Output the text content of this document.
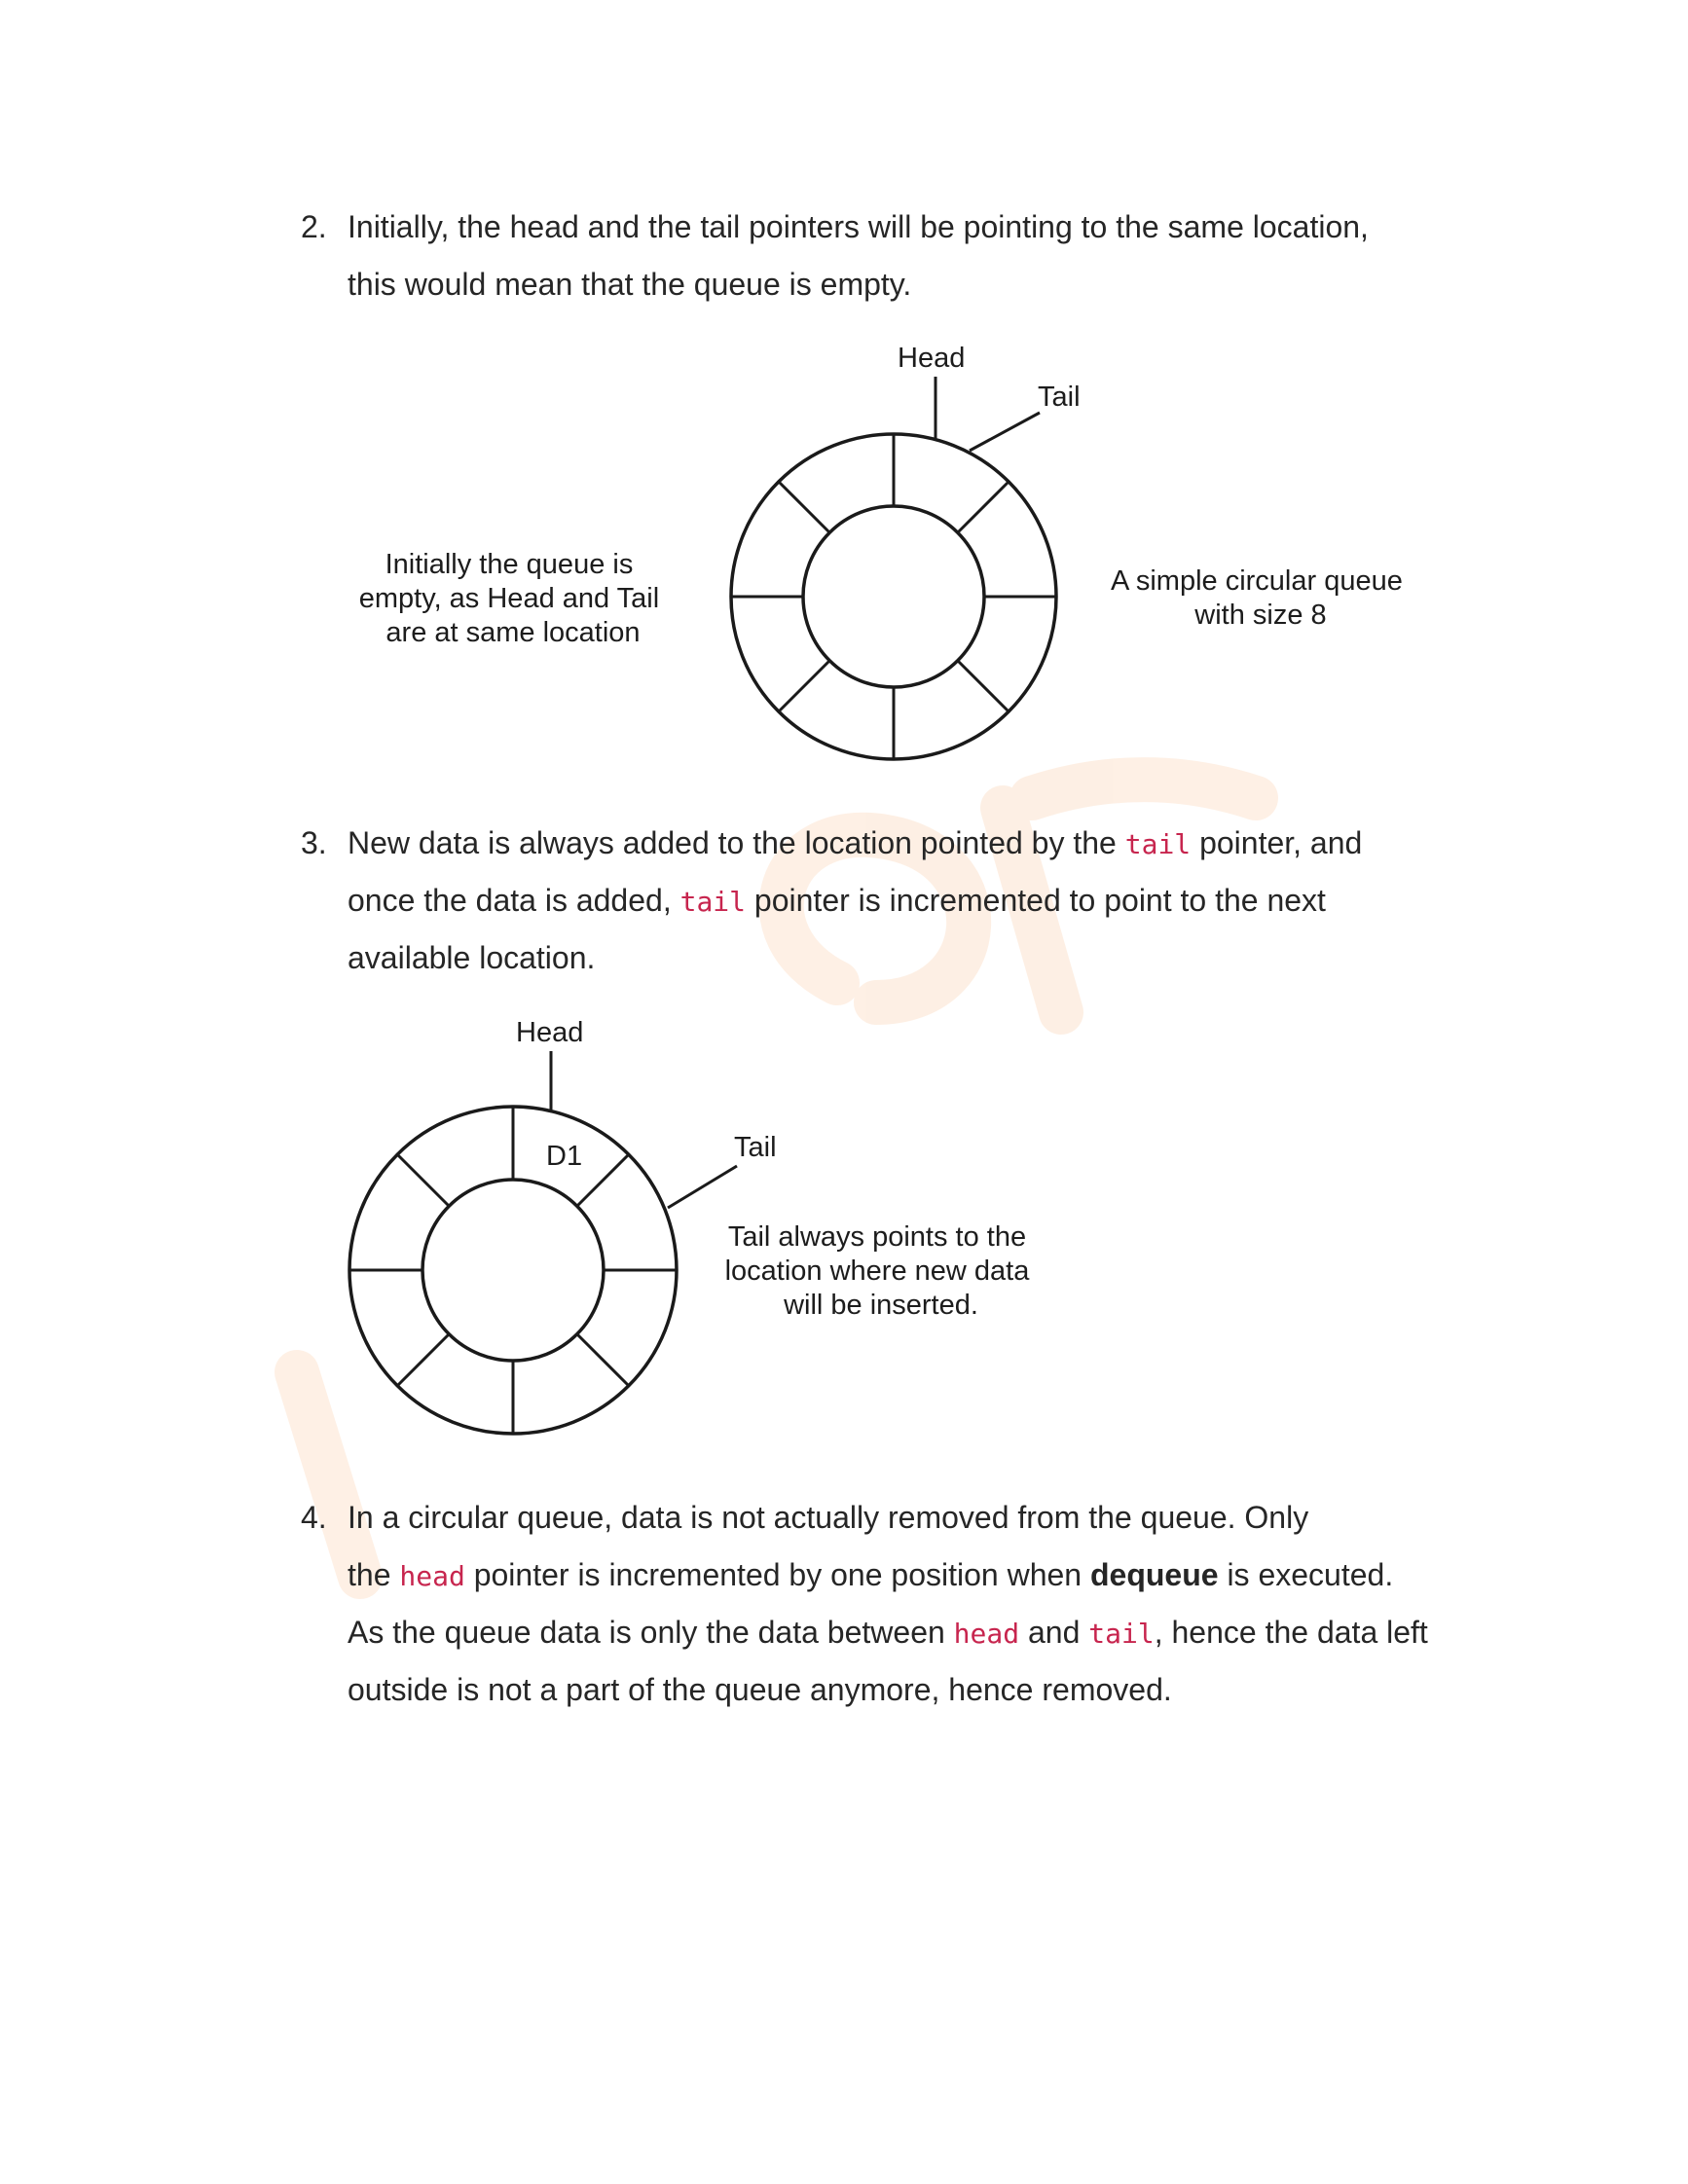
2. Initially, the head and the tail pointers will be pointing to the same location,
this would mean that the queue is empty.
Head
Tail
Initially the queue is empty, as Head and Tail are at same location
A simple circular queue with size 8
3. New data is always added to the location pointed by the tail pointer, and
once the data is added, tail pointer is incremented to point to the next
available location.
Head
Tail
D1
Tail always points to the location where new data will be inserted.
4. In a circular queue, data is not actually removed from the queue. Only
the head pointer is incremented by one position when dequeue is executed.
As the queue data is only the data between head and tail, hence the data left
outside is not a part of the queue anymore, hence removed.
